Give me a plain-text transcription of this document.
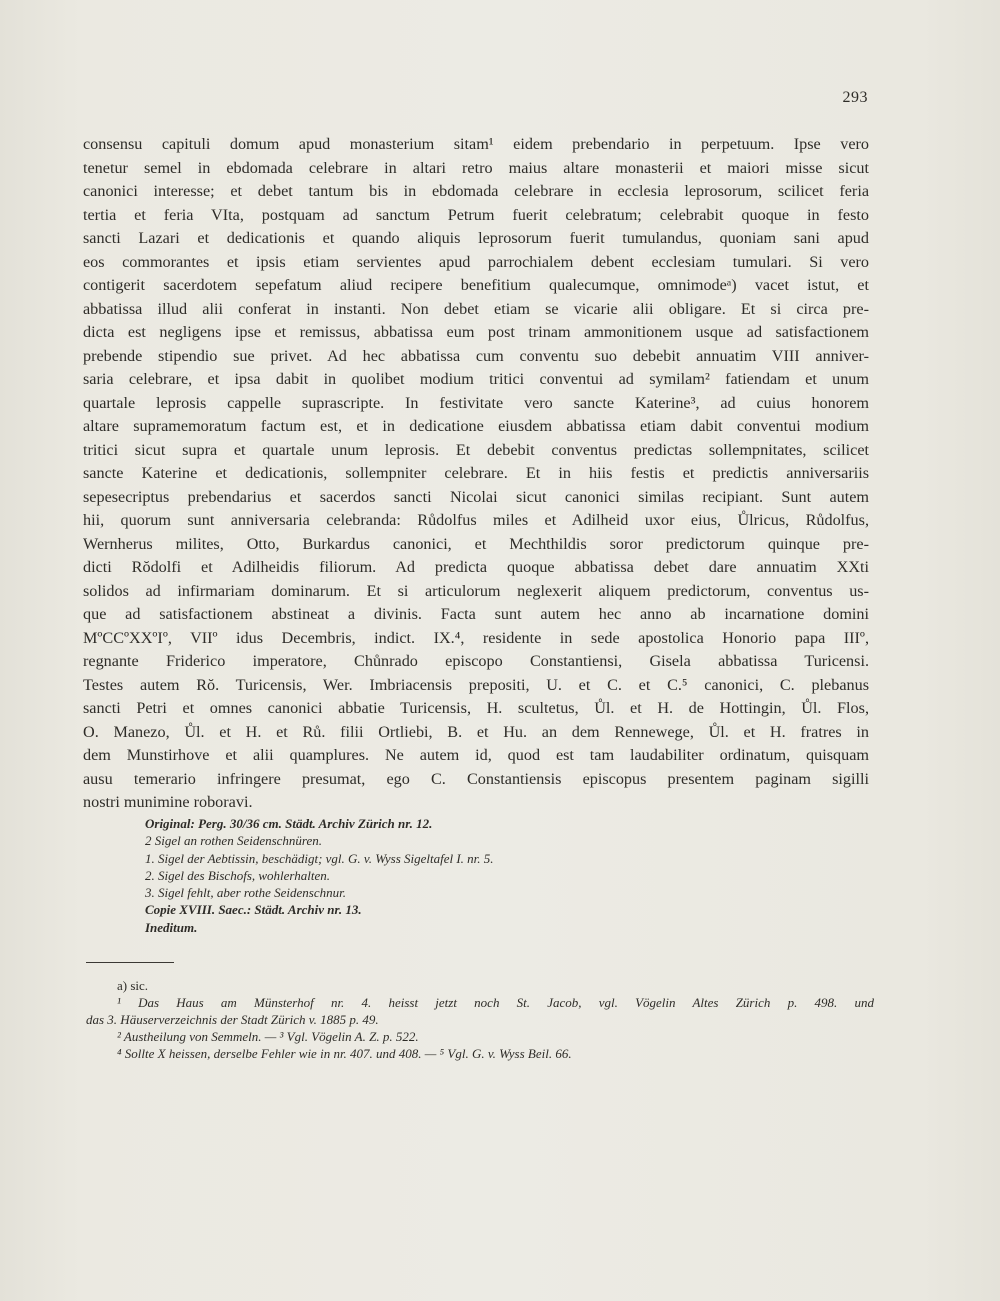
293
consensu capituli domum apud monasterium sitam¹ eidem prebendario in perpetuum. Ipse vero
tenetur semel in ebdomada celebrare in altari retro maius altare monasterii et maiori misse sicut
canonici interesse; et debet tantum bis in ebdomada celebrare in ecclesia leprosorum, scilicet feria
tertia et feria VIta, postquam ad sanctum Petrum fuerit celebratum; celebrabit quoque in festo
sancti Lazari et dedicationis et quando aliquis leprosorum fuerit tumulandus, quoniam sani apud
eos commorantes et ipsis etiam servientes apud parrochialem debent ecclesiam tumulari. Si vero
contigerit sacerdotem sepefatum aliud recipere benefitium qualecumque, omnimodeᵃ) vacet istut, et
abbatissa illud alii conferat in instanti. Non debet etiam se vicarie alii obligare. Et si circa pre-
dicta est negligens ipse et remissus, abbatissa eum post trinam ammonitionem usque ad satisfactionem
prebende stipendio sue privet. Ad hec abbatissa cum conventu suo debebit annuatim VIII anniver-
saria celebrare, et ipsa dabit in quolibet modium tritici conventui ad symilam² fatiendam et unum
quartale leprosis cappelle suprascripte. In festivitate vero sancte Katerine³, ad cuius honorem
altare supramemoratum factum est, et in dedicatione eiusdem abbatissa etiam dabit conventui modium
tritici sicut supra et quartale unum leprosis. Et debebit conventus predictas sollempnitates, scilicet
sancte Katerine et dedicationis, sollempniter celebrare. Et in hiis festis et predictis anniversariis
sepesecriptus prebendarius et sacerdos sancti Nicolai sicut canonici similas recipiant. Sunt autem
hii, quorum sunt anniversaria celebranda: Růdolfus miles et Adilheid uxor eius, Ůlricus, Růdolfus,
Wernherus milites, Otto, Burkardus canonici, et Mechthildis soror predictorum quinque pre-
dicti Rŏdolfi et Adilheidis filiorum. Ad predicta quoque abbatissa debet dare annuatim XXti
solidos ad infirmariam dominarum. Et si articulorum neglexerit aliquem predictorum, conventus us-
que ad satisfactionem abstineat a divinis. Facta sunt autem hec anno ab incarnatione domini
MºCCºXXºIº, VIIº idus Decembris, indict. IX.⁴, residente in sede apostolica Honorio papa IIIº,
regnante Friderico imperatore, Chůnrado episcopo Constantiensi, Gisela abbatissa Turicensi.
Testes autem Rŏ. Turicensis, Wer. Imbriacensis prepositi, U. et C. et C.⁵ canonici, C. plebanus
sancti Petri et omnes canonici abbatie Turicensis, H. scultetus, Ůl. et H. de Hottingin, Ůl. Flos,
O. Manezo, Ůl. et H. et Rů. filii Ortliebi, B. et Hu. an dem Rennewege, Ůl. et H. fratres in
dem Munstirhove et alii quamplures. Ne autem id, quod est tam laudabiliter ordinatum, quisquam
ausu temerario infringere presumat, ego C. Constantiensis episcopus presentem paginam sigilli
nostri munimine roboravi.
Original: Perg. 30/36 cm. Städt. Archiv Zürich nr. 12.
2 Sigel an rothen Seidenschnüren.
1. Sigel der Aebtissin, beschädigt; vgl. G. v. Wyss Sigeltafel I. nr. 5.
2. Sigel des Bischofs, wohlerhalten.
3. Sigel fehlt, aber rothe Seidenschnur.
Copie XVIII. Saec.: Städt. Archiv nr. 13.
Ineditum.
a) sic.
¹ Das Haus am Münsterhof nr. 4. heisst jetzt noch St. Jacob, vgl. Vögelin Altes Zürich p. 498. und
das 3. Häuserverzeichnis der Stadt Zürich v. 1885 p. 49.
² Austheilung von Semmeln. — ³ Vgl. Vögelin A. Z. p. 522.
⁴ Sollte X heissen, derselbe Fehler wie in nr. 407. und 408. — ⁵ Vgl. G. v. Wyss Beil. 66.
